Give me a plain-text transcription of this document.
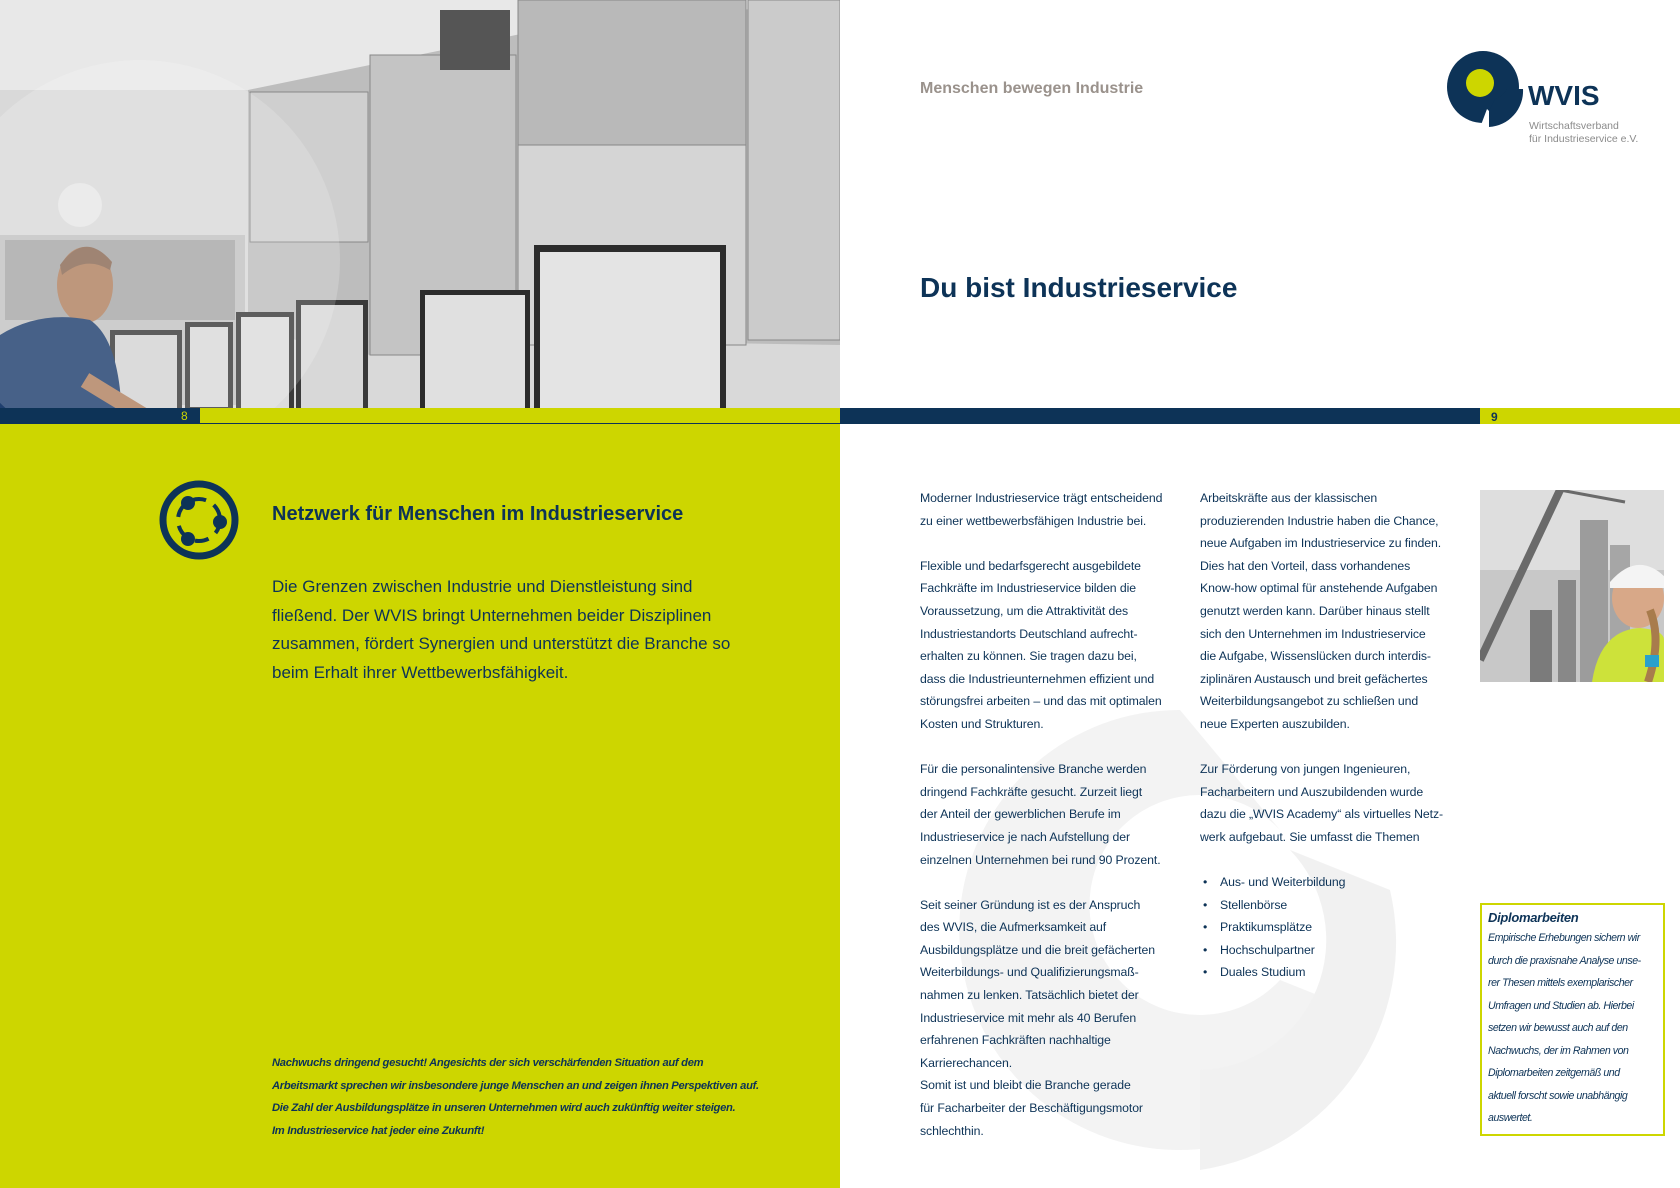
8
Netzwerk für Menschen im Industrieservice
Die Grenzen zwischen Industrie und Dienstleistung sind
fließend. Der WVIS bringt Unternehmen beider Disziplinen
zusammen, fördert Synergien und unterstützt die Branche so
beim Erhalt ihrer Wettbewerbsfähigkeit.
Nachwuchs dringend gesucht! Angesichts der sich verschärfenden Situation auf dem
Arbeitsmarkt sprechen wir insbesondere junge Menschen an und zeigen ihnen Perspektiven auf.
Die Zahl der Ausbildungsplätze in unseren Unternehmen wird auch zukünftig weiter steigen.
Im Industrieservice hat jeder eine Zukunft!
Menschen bewegen Industrie	WVIS
Wirtschaftsverband
für Industrieservice e.V.
Du bist Industrieservice
9

Moderner Industrieservice trägt entscheidend
zu einer wettbewerbsfähigen Industrie bei.

Flexible und bedarfsgerecht ausgebildete
Fachkräfte im Industrieservice bilden die
Voraussetzung, um die Attraktivität des
Industriestandorts Deutschland aufrecht-
erhalten zu können. Sie tragen dazu bei,
dass die Industrieunternehmen effizient und
störungsfrei arbeiten – und das mit optimalen
Kosten und Strukturen.

Für die personalintensive Branche werden
dringend Fachkräfte gesucht. Zurzeit liegt
der Anteil der gewerblichen Berufe im
Industrieservice je nach Aufstellung der
einzelnen Unternehmen bei rund 90 Prozent.

Seit seiner Gründung ist es der Anspruch
des WVIS, die Aufmerksamkeit auf
Ausbildungsplätze und die breit gefächerten
Weiterbildungs- und Qualifizierungsmaß-
nahmen zu lenken. Tatsächlich bietet der
Industrieservice mit mehr als 40 Berufen
erfahrenen Fachkräften nachhaltige
Karrierechancen.

Somit ist und bleibt die Branche gerade
für Facharbeiter der Beschäftigungsmotor
schlechthin.

Arbeitskräfte aus der klassischen
produzierenden Industrie haben die Chance,
neue Aufgaben im Industrieservice zu finden.
Dies hat den Vorteil, dass vorhandenes
Know-how optimal für anstehende Aufgaben
genutzt werden kann. Darüber hinaus stellt
sich den Unternehmen im Industrieservice
die Aufgabe, Wissenslücken durch interdis-
ziplinären Austausch und breit gefächertes
Weiterbildungsangebot zu schließen und
neue Experten auszubilden.

Zur Förderung von jungen Ingenieuren,
Facharbeitern und Auszubildenden wurde
dazu die „WVIS Academy“ als virtuelles Netz-
werk aufgebaut. Sie umfasst die Themen

• Aus- und Weiterbildung
• Stellenbörse
• Praktikumsplätze
• Hochschulpartner
• Duales Studium
Diplomarbeiten

Empirische Erhebungen sichern wir
durch die praxisnahe Analyse unse-
rer Thesen mittels exemplarischer
Umfragen und Studien ab. Hierbei
setzen wir bewusst auch auf den
Nachwuchs, der im Rahmen von
Diplomarbeiten zeitgemäß und
aktuell forscht sowie unabhängig
auswertet.
